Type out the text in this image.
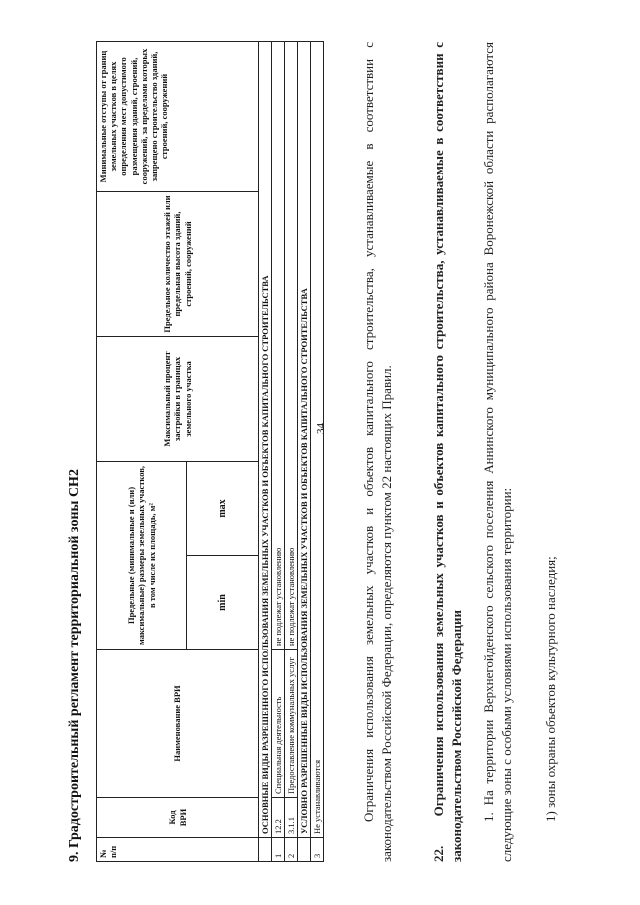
34
9. Градостроительный регламент территориальной зоны СН2	№ п/п	Код ВРИ	Наименование ВРИ	Предельные (минимальные и (или) максимальные) размеры земельных участков, в том числе их площадь, м²		Максимальный процент застройки в границах земельного участка	Предельное количество этажей или предельная высота зданий, строений, сооружений	Минимальные отступы от границ земельных участков в целях определения мест допустимого размещения зданий, строений, сооружений, за пределами которых запрещено строительство зданий, строений, сооружений
			min	max			
	ОСНОВНЫЕ ВИДЫ РАЗРЕШЕННОГО ИСПОЛЬЗОВАНИЯ ЗЕМЕЛЬНЫХ УЧАСТКОВ И ОБЪЕКТОВ КАПИТАЛЬНОГО СТРОИТЕЛЬСТВА						
1	12.2	Специальная деятельность	не подлежат установлению				
2	3.1.1	Предоставление коммунальных услуг	не подлежат установлению				
	УСЛОВНО РАЗРЕШЕННЫЕ ВИДЫ ИСПОЛЬЗОВАНИЯ ЗЕМЕЛЬНЫХ УЧАСТКОВ И ОБЪЕКТОВ КАПИТАЛЬНОГО СТРОИТЕЛЬСТВА						
3	Не устанавливаются							Ограничения использования земельных участков и объектов капитального строительства, устанавливаемые в соответствии с законодательством Российской Федерации, определяются пунктом 22 настоящих Правил.	22. Ограничения использования земельных участков и объектов капитального строительства, устанавливаемые в соответствии с законодательством Российской Федерации 1. На территории Верхнегойденского сельского поселения Аннинского муниципального района Воронежской области располагаются следующие зоны с особыми условиями использования территории: 1) зоны охраны объектов культурного наследия;
